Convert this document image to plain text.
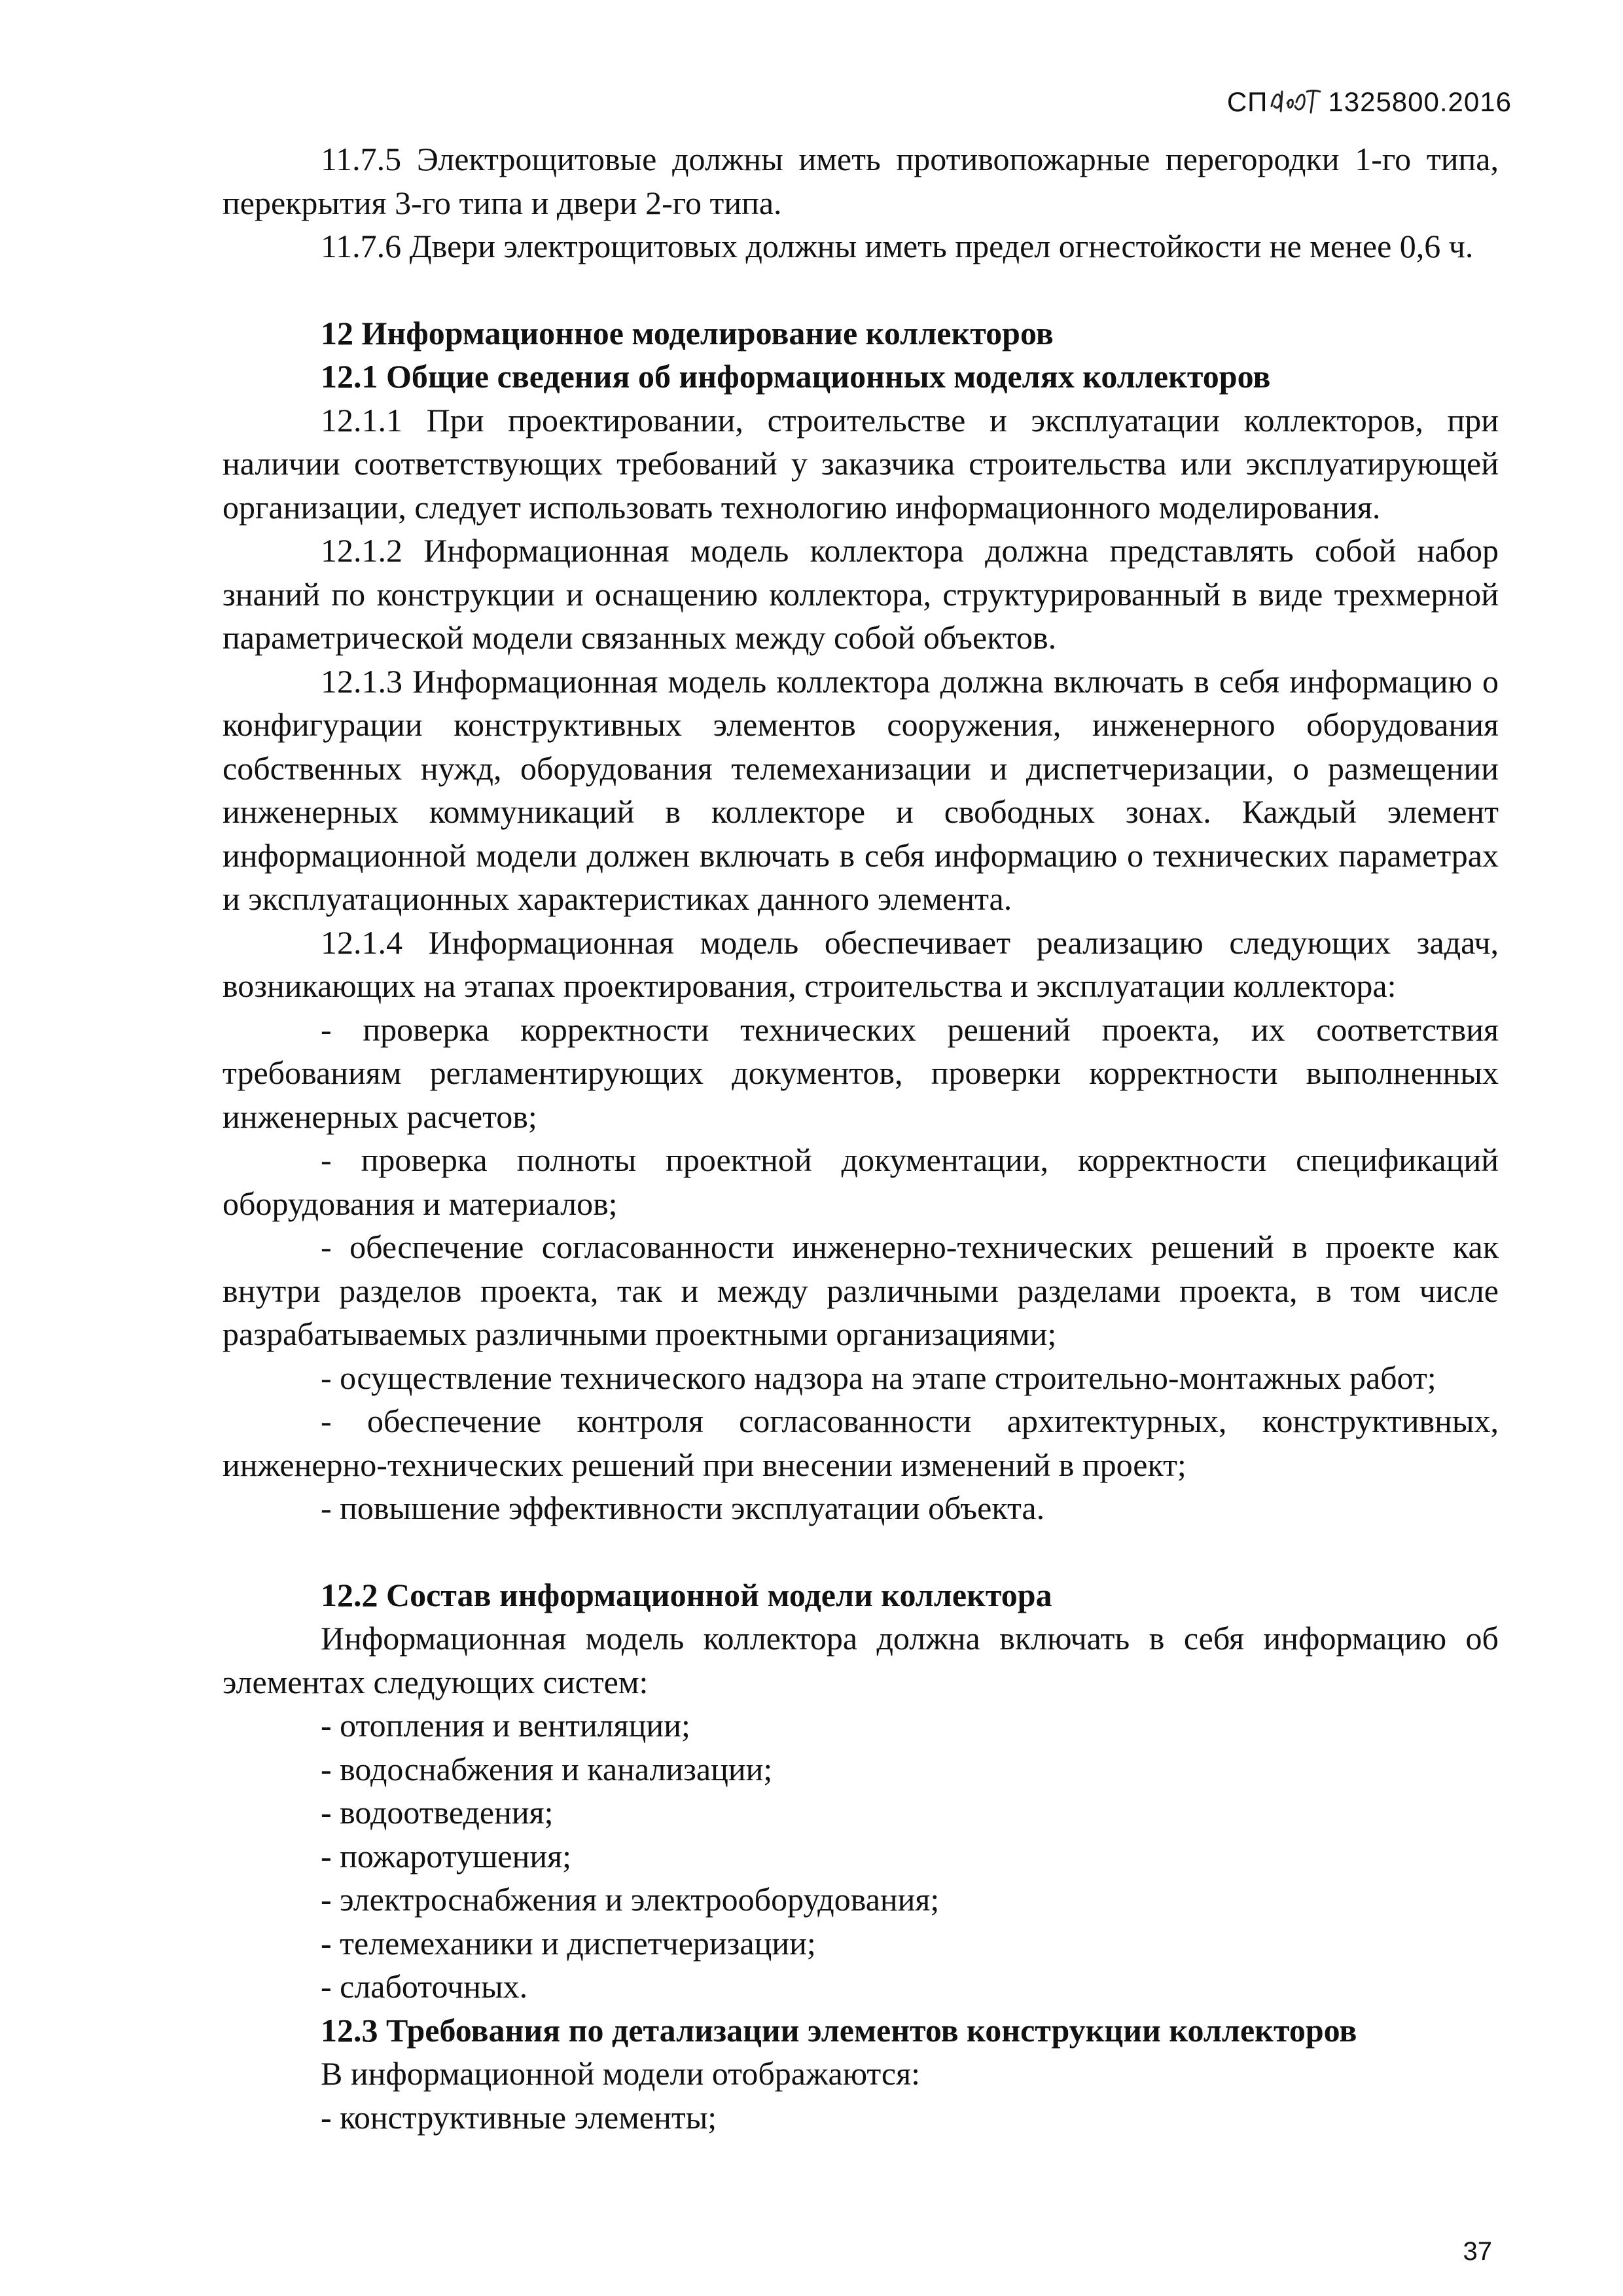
СП 1325800.2016

11.7.5 Электрощитовые должны иметь противопожарные перегородки 1-го типа, перекрытия 3-го типа и двери 2-го типа.

11.7.6 Двери электрощитовых должны иметь предел огнестойкости не менее 0,6 ч.

12 Информационное моделирование коллекторов

12.1 Общие сведения об информационных моделях коллекторов

12.1.1 При проектировании, строительстве и эксплуатации коллекторов, при наличии соответствующих требований у заказчика строительства или эксплуатирующей организации, следует использовать технологию информационного моделирования.

12.1.2 Информационная модель коллектора должна представлять собой набор знаний по конструкции и оснащению коллектора, структурированный в виде трехмерной параметрической модели связанных между собой объектов.

12.1.3 Информационная модель коллектора должна включать в себя информацию о конфигурации конструктивных элементов сооружения, инженерного оборудования собственных нужд, оборудования телемеханизации и диспетчеризации, о размещении инженерных коммуникаций в коллекторе и свободных зонах. Каждый элемент информационной модели должен включать в себя информацию о технических параметрах и эксплуатационных характеристиках данного элемента.

12.1.4 Информационная модель обеспечивает реализацию следующих задач, возникающих на этапах проектирования, строительства и эксплуатации коллектора:

- проверка корректности технических решений проекта, их соответствия требованиям регламентирующих документов, проверки корректности выполненных инженерных расчетов;

- проверка полноты проектной документации, корректности спецификаций оборудования и материалов;

- обеспечение согласованности инженерно-технических решений в проекте как внутри разделов проекта, так и между различными разделами проекта, в том числе разрабатываемых различными проектными организациями;

- осуществление технического надзора на этапе строительно-монтажных работ;

- обеспечение контроля согласованности архитектурных, конструктивных, инженерно-технических решений при внесении изменений в проект;

- повышение эффективности эксплуатации объекта.

12.2 Состав информационной модели коллектора

Информационная модель коллектора должна включать в себя информацию об элементах следующих систем:

- отопления и вентиляции;

- водоснабжения и канализации;

- водоотведения;

- пожаротушения;

- электроснабжения и электрооборудования;

- телемеханики и диспетчеризации;

- слаботочных.

12.3 Требования по детализации элементов конструкции коллекторов

В информационной модели отображаются:

- конструктивные элементы;

37
